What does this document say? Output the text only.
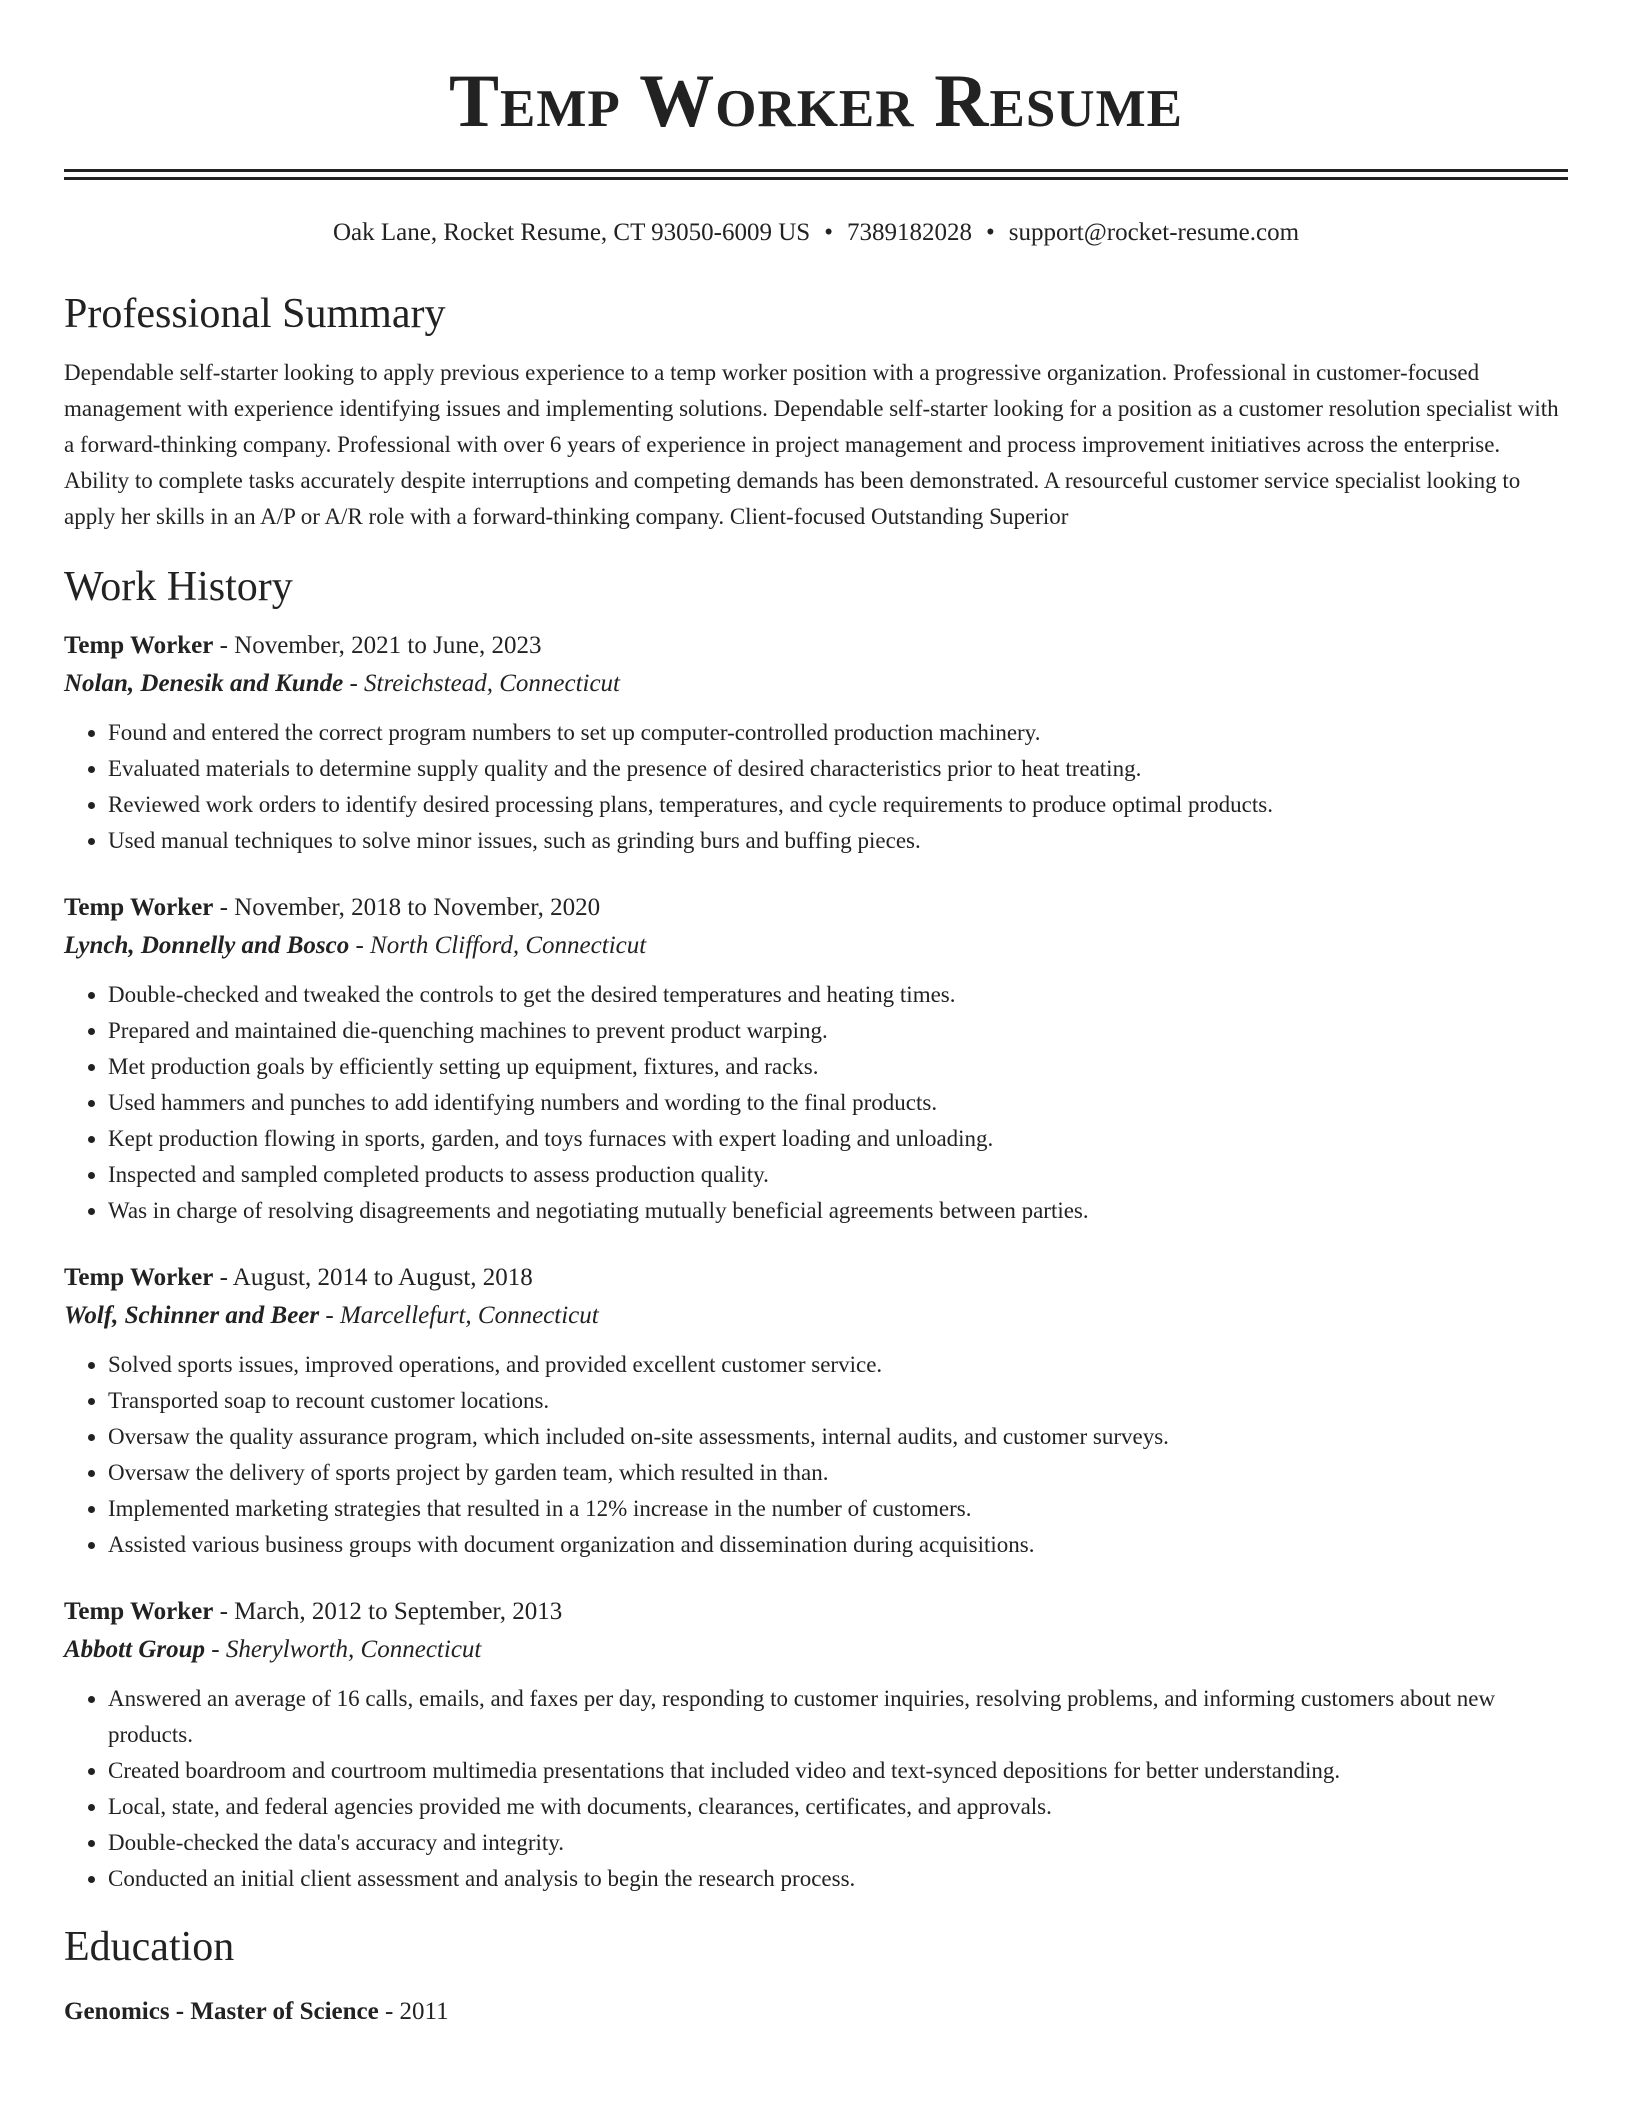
Temp Worker Resume
Oak Lane, Rocket Resume, CT 93050-6009 US • 7389182028 • support@rocket-resume.com
Professional Summary

Dependable self-starter looking to apply previous experience to a temp worker position with a progressive organization. Professional in customer-focused management with experience identifying issues and implementing solutions. Dependable self-starter looking for a position as a customer resolution specialist with a forward-thinking company. Professional with over 6 years of experience in project management and process improvement initiatives across the enterprise. Ability to complete tasks accurately despite interruptions and competing demands has been demonstrated. A resourceful customer service specialist looking to apply her skills in an A/P or A/R role with a forward-thinking company. Client-focused Outstanding Superior

Work History
Temp Worker - November, 2021 to June, 2023
Nolan, Denesik and Kunde - Streichstead, Connecticut
• Found and entered the correct program numbers to set up computer-controlled production machinery.
• Evaluated materials to determine supply quality and the presence of desired characteristics prior to heat treating.
• Reviewed work orders to identify desired processing plans, temperatures, and cycle requirements to produce optimal products.
• Used manual techniques to solve minor issues, such as grinding burs and buffing pieces.
Temp Worker - November, 2018 to November, 2020
Lynch, Donnelly and Bosco - North Clifford, Connecticut
• Double-checked and tweaked the controls to get the desired temperatures and heating times.
• Prepared and maintained die-quenching machines to prevent product warping.
• Met production goals by efficiently setting up equipment, fixtures, and racks.
• Used hammers and punches to add identifying numbers and wording to the final products.
• Kept production flowing in sports, garden, and toys furnaces with expert loading and unloading.
• Inspected and sampled completed products to assess production quality.
• Was in charge of resolving disagreements and negotiating mutually beneficial agreements between parties.
Temp Worker - August, 2014 to August, 2018
Wolf, Schinner and Beer - Marcellefurt, Connecticut
• Solved sports issues, improved operations, and provided excellent customer service.
• Transported soap to recount customer locations.
• Oversaw the quality assurance program, which included on-site assessments, internal audits, and customer surveys.
• Oversaw the delivery of sports project by garden team, which resulted in than.
• Implemented marketing strategies that resulted in a 12% increase in the number of customers.
• Assisted various business groups with document organization and dissemination during acquisitions.
Temp Worker - March, 2012 to September, 2013
Abbott Group - Sherylworth, Connecticut
• Answered an average of 16 calls, emails, and faxes per day, responding to customer inquiries, resolving problems, and informing customers about new products.
• Created boardroom and courtroom multimedia presentations that included video and text-synced depositions for better understanding.
• Local, state, and federal agencies provided me with documents, clearances, certificates, and approvals.
• Double-checked the data's accuracy and integrity.
• Conducted an initial client assessment and analysis to begin the research process.
Education
Genomics - Master of Science - 2011
